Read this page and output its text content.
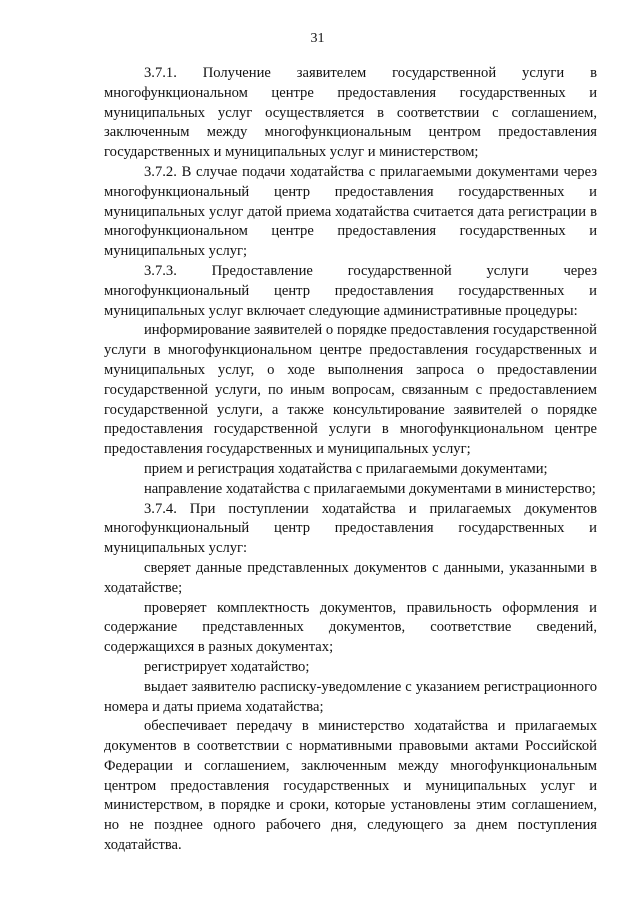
31

3.7.1. Получение заявителем государственной услуги в многофункциональном центре предоставления государственных и муниципальных услуг осуществляется в соответствии с соглашением, заключенным между многофункциональным центром предоставления государственных и муниципальных услуг и министерством;

3.7.2. В случае подачи ходатайства с прилагаемыми документами через многофункциональный центр предоставления государственных и муниципальных услуг датой приема ходатайства считается дата регистрации в многофункциональном центре предоставления государственных и муниципальных услуг;

3.7.3. Предоставление государственной услуги через многофункциональный центр предоставления государственных и муниципальных услуг включает следующие административные процедуры:

информирование заявителей о порядке предоставления государственной услуги в многофункциональном центре предоставления государственных и муниципальных услуг, о ходе выполнения запроса о предоставлении государственной услуги, по иным вопросам, связанным с предоставлением государственной услуги, а также консультирование заявителей о порядке предоставления государственной услуги в многофункциональном центре предоставления государственных и муниципальных услуг;

прием и регистрация ходатайства с прилагаемыми документами;

направление ходатайства с прилагаемыми документами в министерство;

3.7.4. При поступлении ходатайства и прилагаемых документов многофункциональный центр предоставления государственных и муниципальных услуг:

сверяет данные представленных документов с данными, указанными в ходатайстве;

проверяет комплектность документов, правильность оформления и содержание представленных документов, соответствие сведений, содержащихся в разных документах;

регистрирует ходатайство;

выдает заявителю расписку-уведомление с указанием регистрационного номера и даты приема ходатайства;

обеспечивает передачу в министерство ходатайства и прилагаемых документов в соответствии с нормативными правовыми актами Российской Федерации и соглашением, заключенным между многофункциональным центром предоставления государственных и муниципальных услуг и министерством, в порядке и сроки, которые установлены этим соглашением, но не позднее одного рабочего дня, следующего за днем поступления ходатайства.
